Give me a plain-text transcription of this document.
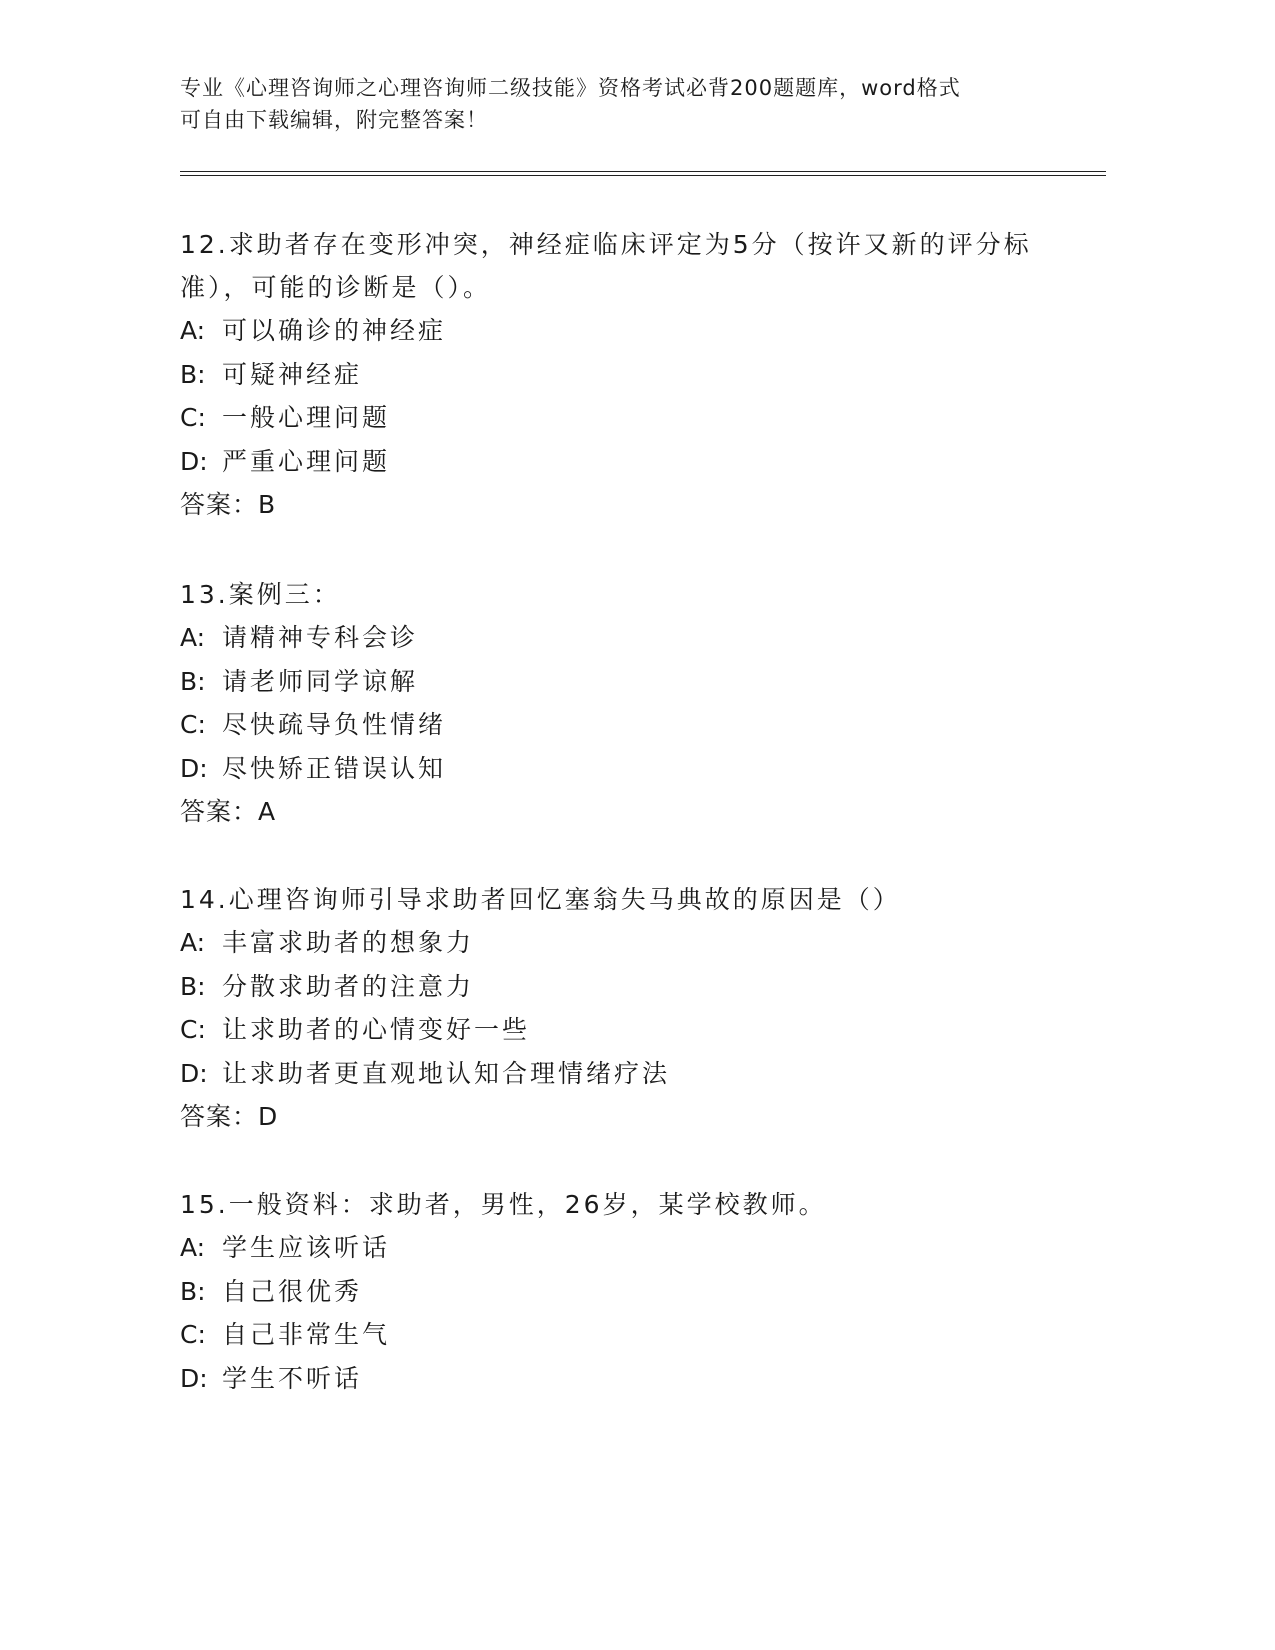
专业《心理咨询师之心理咨询师二级技能》资格考试必背200题题库，word格式
可自由下载编辑，附完整答案！
12.求助者存在变形冲突，神经症临床评定为5分（按许又新的评分标
准），可能的诊断是（）。
A: 可以确诊的神经症
B: 可疑神经症
C: 一般心理问题
D: 严重心理问题
答案：B
13.案例三：
A: 请精神专科会诊
B: 请老师同学谅解
C: 尽快疏导负性情绪
D: 尽快矫正错误认知
答案：A
14.心理咨询师引导求助者回忆塞翁失马典故的原因是（）
A: 丰富求助者的想象力
B: 分散求助者的注意力
C: 让求助者的心情变好一些
D: 让求助者更直观地认知合理情绪疗法
答案：D
15.一般资料：求助者，男性，26岁，某学校教师。
A: 学生应该听话
B: 自己很优秀
C: 自己非常生气
D: 学生不听话
